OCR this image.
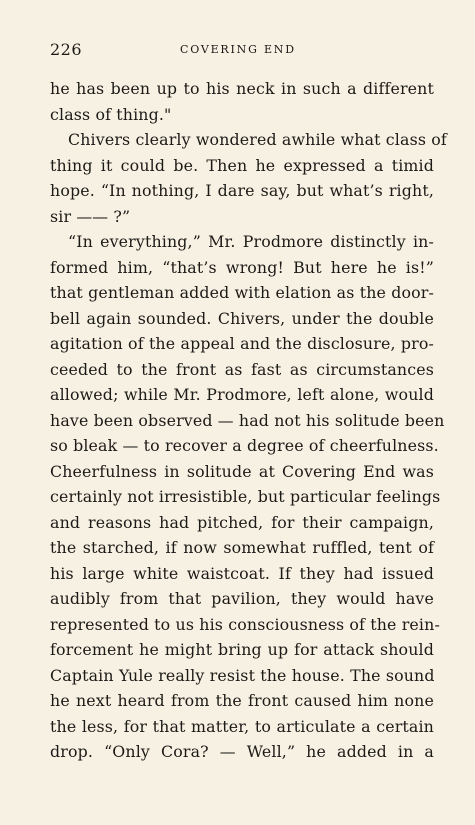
226	COVERING END
he has been up to his neck in such a different
class of thing."
Chivers clearly wondered awhile what class of
thing it could be. Then he expressed a timid
hope. “In nothing, I dare say, but what’s right,
sir —— ?”
“In everything,” Mr. Prodmore distinctly in-
formed him, “that’s wrong! But here he is!”
that gentleman added with elation as the door-
bell again sounded. Chivers, under the double
agitation of the appeal and the disclosure, pro-
ceeded to the front as fast as circumstances
allowed; while Mr. Prodmore, left alone, would
have been observed — had not his solitude been
so bleak — to recover a degree of cheerfulness.
Cheerfulness in solitude at Covering End was
certainly not irresistible, but particular feelings
and reasons had pitched, for their campaign,
the starched, if now somewhat ruffled, tent of
his large white waistcoat. If they had issued
audibly from that pavilion, they would have
represented to us his consciousness of the rein-
forcement he might bring up for attack should
Captain Yule really resist the house. The sound
he next heard from the front caused him none
the less, for that matter, to articulate a certain
drop. “Only Cora? — Well,” he added in a
